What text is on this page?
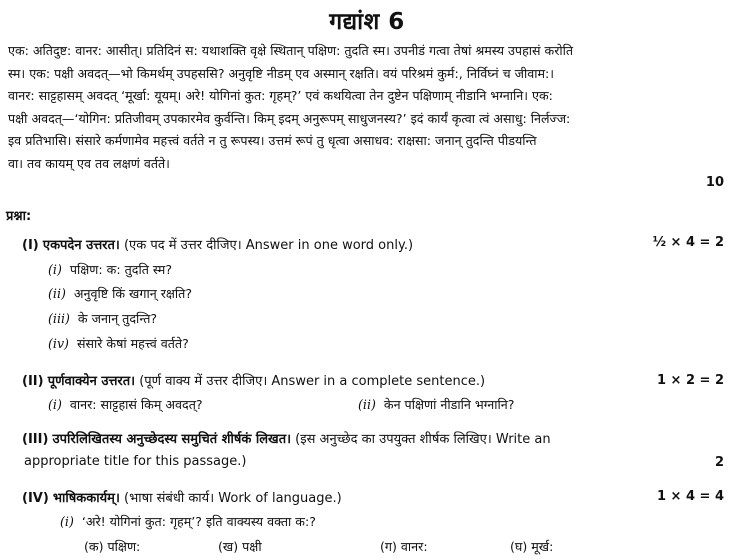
गद्यांश 6
एक: अतिदुष्ट: वानर: आसीत्। प्रतिदिनं स: यथाशक्ति वृक्षे स्थितान् पक्षिण: तुदति स्म। उपनीडं गत्वा तेषां श्रमस्य उपहासं करोति
स्म। एक: पक्षी अवदत्—भो किमर्थम् उपहससि? अनुवृष्टि नीडम् एव अस्मान् रक्षति। वयं परिश्रमं कुर्म:, निर्विघ्नं च जीवाम:।
वानर: साट्टहासम् अवदत् ‘मूर्खा: यूयम्। अरे! योगिनां कुत: गृहम्?’ एवं कथयित्वा तेन दुष्टेन पक्षिणाम् नीडानि भग्नानि। एक:
पक्षी अवदत्—‘योगिन: प्रतिजीवम् उपकारमेव कुर्वन्ति। किम् इदम् अनुरूपम् साधुजनस्य?’ इदं कार्यं कृत्वा त्वं असाधु: निर्लज्ज:
इव प्रतिभासि। संसारे कर्मणामेव महत्त्वं वर्तते न तु रूपस्य। उत्तमं रूपं तु धृत्वा असाधव: राक्षसा: जनान् तुदन्ति पीडयन्ति
वा। तव कायम् एव तव लक्षणं वर्तते।
10
प्रश्ना:
(I) एकपदेन उत्तरत। (एक पद में उत्तर दीजिए। Answer in one word only.)	½ × 4 = 2
(i) पक्षिण: क: तुदति स्म?
(ii) अनुवृष्टि किं खगान् रक्षति?
(iii) के जनान् तुदन्ति?
(iv) संसारे केषां महत्त्वं वर्तते?
(II) पूर्णवाक्येन उत्तरत। (पूर्ण वाक्य में उत्तर दीजिए। Answer in a complete sentence.)	1 × 2 = 2
(i) वानर: साट्टहासं किम् अवदत्?	(ii) केन पक्षिणां नीडानि भग्नानि?
(III) उपरिलिखितस्य अनुच्छेदस्य समुचितं शीर्षकं लिखत। (इस अनुच्छेद का उपयुक्त शीर्षक लिखिए। Write an
appropriate title for this passage.)	2
(IV) भाषिककार्यम्। (भाषा संबंधी कार्य। Work of language.)	1 × 4 = 4
(i) ‘अरे! योगिनां कुत: गृहम्’? इति वाक्यस्य वक्ता क:?
(क) पक्षिण:	(ख) पक्षी	(ग) वानर:	(घ) मूर्ख:
